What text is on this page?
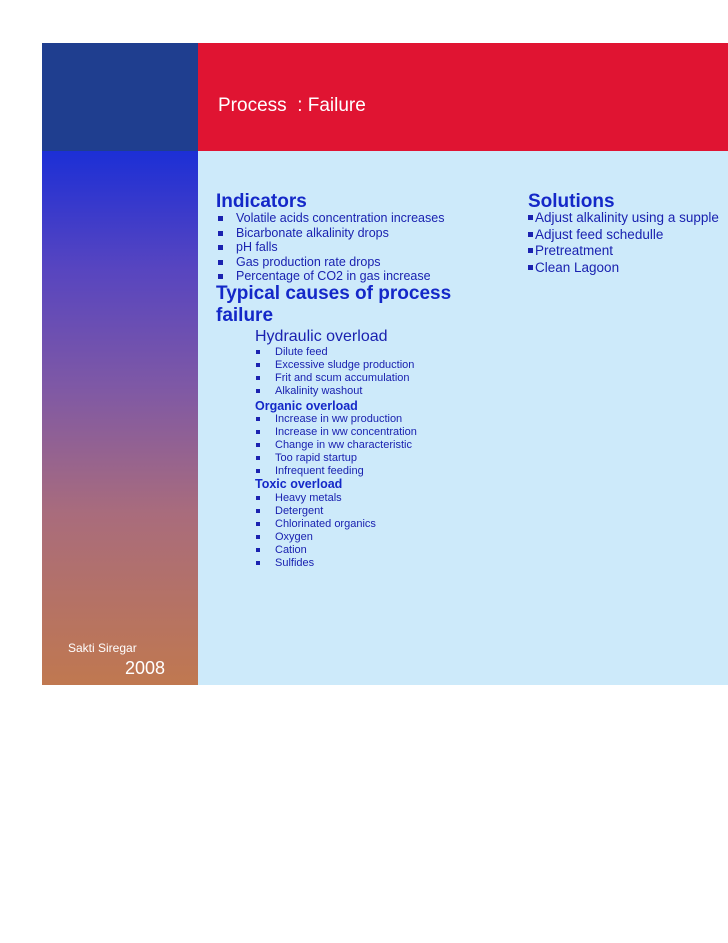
Process  : Failure
Sakti Siregar
2008
Indicators
Volatile acids concentration increases
Bicarbonate alkalinity drops
pH falls
Gas production rate drops
Percentage of CO2 in gas increase
Solutions
Adjust alkalinity using a supple
Adjust feed schedulle
Pretreatment
Clean Lagoon
Typical causes of process failure
Hydraulic overload
Dilute feed
Excessive sludge production
Frit and scum accumulation
Alkalinity washout
Organic overload
Increase in ww production
Increase in ww concentration
Change in ww characteristic
Too rapid startup
Infrequent feeding
Toxic overload
Heavy metals
Detergent
Chlorinated organics
Oxygen
Cation
Sulfides
